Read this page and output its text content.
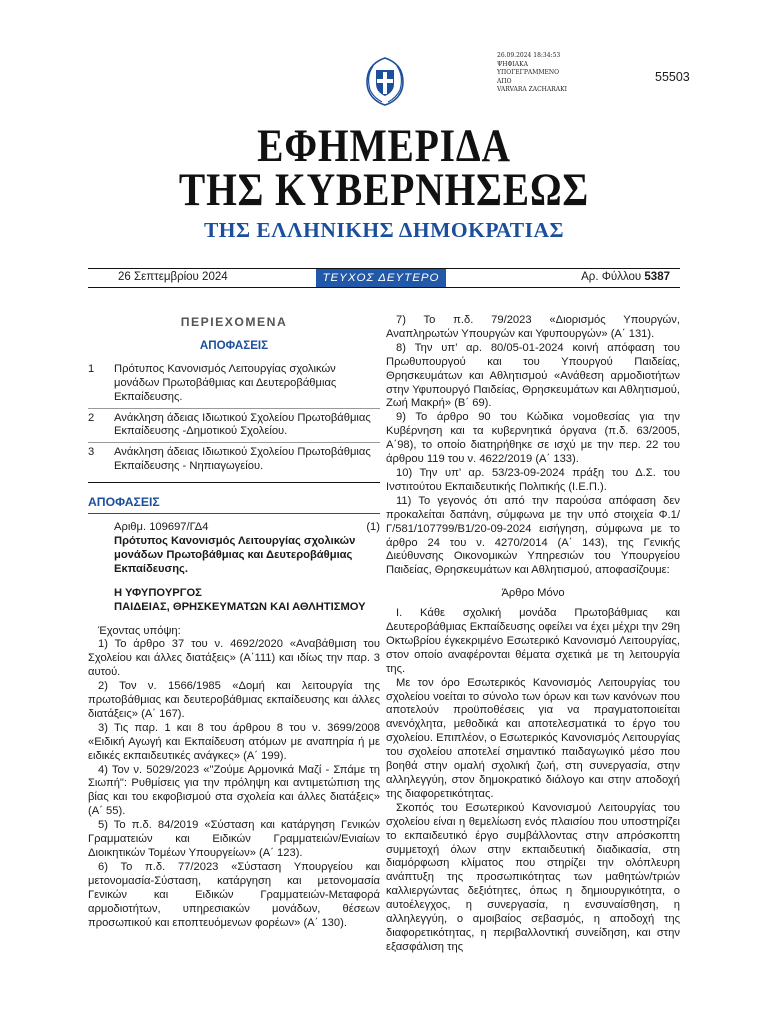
26.09.2024 18:34:53
ΨΗΦΙΑΚΑ
ΥΠΟΓΕΓΡΑΜΜΕΝΟ
ΑΠΟ
VARVARA ZACHARAKI
55503
ΕΦΗΜΕΡΙΔΑ
ΤΗΣ ΚΥΒΕΡΝΗΣΕΩΣ
ΤΗΣ ΕΛΛΗΝΙΚΗΣ ΔΗΜΟΚΡΑΤΙΑΣ
26 Σεπτεμβρίου 2024	ΤΕΥΧΟΣ ΔΕΥΤΕΡΟ	Αρ. Φύλλου 5387
ΠΕΡΙΕΧΟΜΕΝΑ
ΑΠΟΦΑΣΕΙΣ
1	Πρότυπος Κανονισμός Λειτουργίας σχολικών μονάδων Πρωτοβάθμιας και Δευτεροβάθμιας Εκπαίδευσης.
2	Ανάκληση άδειας Ιδιωτικού Σχολείου Πρωτοβάθμιας Εκπαίδευσης -Δημοτικού Σχολείου.
3	Ανάκληση άδειας Ιδιωτικού Σχολείου Πρωτοβάθμιας Εκπαίδευσης - Νηπιαγωγείου.
ΑΠΟΦΑΣΕΙΣ
Αριθμ. 109697/ΓΔ4	(1)
Πρότυπος Κανονισμός Λειτουργίας σχολικών μονάδων Πρωτοβάθμιας και Δευτεροβάθμιας Εκπαίδευσης.
Η ΥΦΥΠΟΥΡΓΟΣ
ΠΑΙΔΕΙΑΣ, ΘΡΗΣΚΕΥΜΑΤΩΝ ΚΑΙ ΑΘΛΗΤΙΣΜΟΥ
Έχοντας υπόψη:

1) Το άρθρο 37 του ν. 4692/2020 «Αναβάθμιση του Σχολείου και άλλες διατάξεις» (Α΄111) και ιδίως την παρ. 3 αυτού.

2) Τον ν. 1566/1985 «Δομή και λειτουργία της πρωτοβάθμιας και δευτεροβάθμιας εκπαίδευσης και άλλες διατάξεις» (Α΄ 167).

3) Τις παρ. 1 και 8 του άρθρου 8 του ν. 3699/2008 «Ειδική Αγωγή και Εκπαίδευση ατόμων με αναπηρία ή με ειδικές εκπαιδευτικές ανάγκες» (Α΄ 199).

4) Τον ν. 5029/2023 «"Ζούμε Αρμονικά Μαζί - Σπάμε τη Σιωπή": Ρυθμίσεις για την πρόληψη και αντιμετώπιση της βίας και του εκφοβισμού στα σχολεία και άλλες διατάξεις» (Α΄ 55).

5) Το π.δ. 84/2019 «Σύσταση και κατάργηση Γενικών Γραμματειών και Ειδικών Γραμματειών/Ενιαίων Διοικητικών Τομέων Υπουργείων» (Α΄ 123).

6) Το π.δ. 77/2023 «Σύσταση Υπουργείου και μετονομασία-Σύσταση, κατάργηση και μετονομασία Γενικών και Ειδικών Γραμματειών-Μεταφορά αρμοδιοτήτων, υπηρεσιακών μονάδων, θέσεων προσωπικού και εποπτευόμενων φορέων» (Α΄ 130).

7) Το π.δ. 79/2023 «Διορισμός Υπουργών, Αναπληρωτών Υπουργών και Υφυπουργών» (Α΄ 131).

8) Την υπ’ αρ. 80/05-01-2024 κοινή απόφαση του Πρωθυπουργού και του Υπουργού Παιδείας, Θρησκευμάτων και Αθλητισμού «Ανάθεση αρμοδιοτήτων στην Υφυπουργό Παιδείας, Θρησκευμάτων και Αθλητισμού, Ζωή Μακρή» (Β΄ 69).

9) Το άρθρο 90 του Κώδικα νομοθεσίας για την Κυβέρνηση και τα κυβερνητικά όργανα (π.δ. 63/2005, Α΄98), το οποίο διατηρήθηκε σε ισχύ με την περ. 22 του άρθρου 119 του ν. 4622/2019 (Α΄ 133).

10) Την υπ’ αρ. 53/23-09-2024 πράξη του Δ.Σ. του Ινστιτούτου Εκπαιδευτικής Πολιτικής (Ι.Ε.Π.).

11) Το γεγονός ότι από την παρούσα απόφαση δεν προκαλείται δαπάνη, σύμφωνα με την υπό στοιχεία Φ.1/Γ/581/107799/Β1/20-09-2024 εισήγηση, σύμφωνα με το άρθρο 24 του ν. 4270/2014 (Α΄ 143), της Γενικής Διεύθυνσης Οικονομικών Υπηρεσιών του Υπουργείου Παιδείας, Θρησκευμάτων και Αθλητισμού, αποφασίζουμε:

Άρθρο Μόνο

Ι. Κάθε σχολική μονάδα Πρωτοβάθμιας και Δευτεροβάθμιας Εκπαίδευσης οφείλει να έχει μέχρι την 29η Οκτωβρίου έγκεκριμένο Εσωτερικό Κανονισμό Λειτουργίας, στον οποίο αναφέρονται θέματα σχετικά με τη λειτουργία της.

Με τον όρο Εσωτερικός Κανονισμός Λειτουργίας του σχολείου νοείται το σύνολο των όρων και των κανόνων που αποτελούν προϋποθέσεις για να πραγματοποιείται ανενόχλητα, μεθοδικά και αποτελεσματικά το έργο του σχολείου. Επιπλέον, ο Εσωτερικός Κανονισμός Λειτουργίας του σχολείου αποτελεί σημαντικό παιδαγωγικό μέσο που βοηθά στην ομαλή σχολική ζωή, στη συνεργασία, στην αλληλεγγύη, στον δημοκρατικό διάλογο και στην αποδοχή της διαφορετικότητας.

Σκοπός του Εσωτερικού Κανονισμού Λειτουργίας του σχολείου είναι η θεμελίωση ενός πλαισίου που υποστηρίζει το εκπαιδευτικό έργο συμβάλλοντας στην απρόσκοπτη συμμετοχή όλων στην εκπαιδευτική διαδικασία, στη διαμόρφωση κλίματος που στηρίζει την ολόπλευρη ανάπτυξη της προσωπικότητας των μαθητών/τριών καλλιεργώντας δεξιότητες, όπως η δημιουργικότητα, ο αυτοέλεγχος, η συνεργασία, η ενσυναίσθηση, η αλληλεγγύη, ο αμοιβαίος σεβασμός, η αποδοχή της διαφορετικότητας, η περιβαλλοντική συνείδηση, και στην εξασφάλιση της
